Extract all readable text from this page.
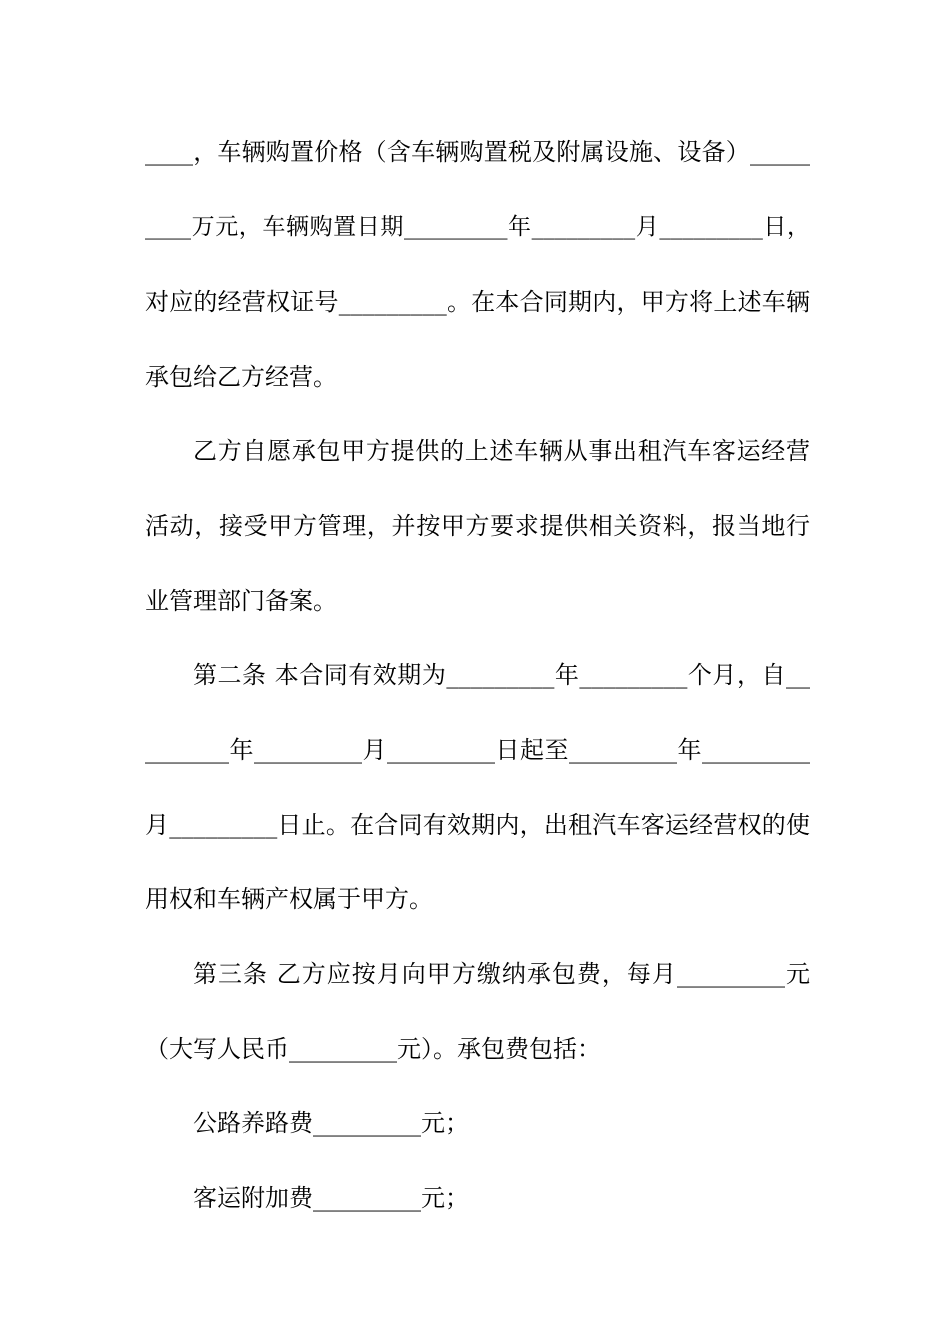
____，车辆购置价格（含车辆购置税及附属设施、设备）_____
____万元，车辆购置日期_________年_________月_________日，
对应的经营权证号_________。在本合同期内，甲方将上述车辆
承包给乙方经营。
乙方自愿承包甲方提供的上述车辆从事出租汽车客运经营
活动，接受甲方管理，并按甲方要求提供相关资料，报当地行
业管理部门备案。
第二条 本合同有效期为_________年_________个月，自__
_______年_________月_________日起至_________年_________
月_________日止。在合同有效期内，出租汽车客运经营权的使
用权和车辆产权属于甲方。
第三条 乙方应按月向甲方缴纳承包费，每月_________元
（大写人民币_________元）。承包费包括：
公路养路费_________元；
客运附加费_________元；
